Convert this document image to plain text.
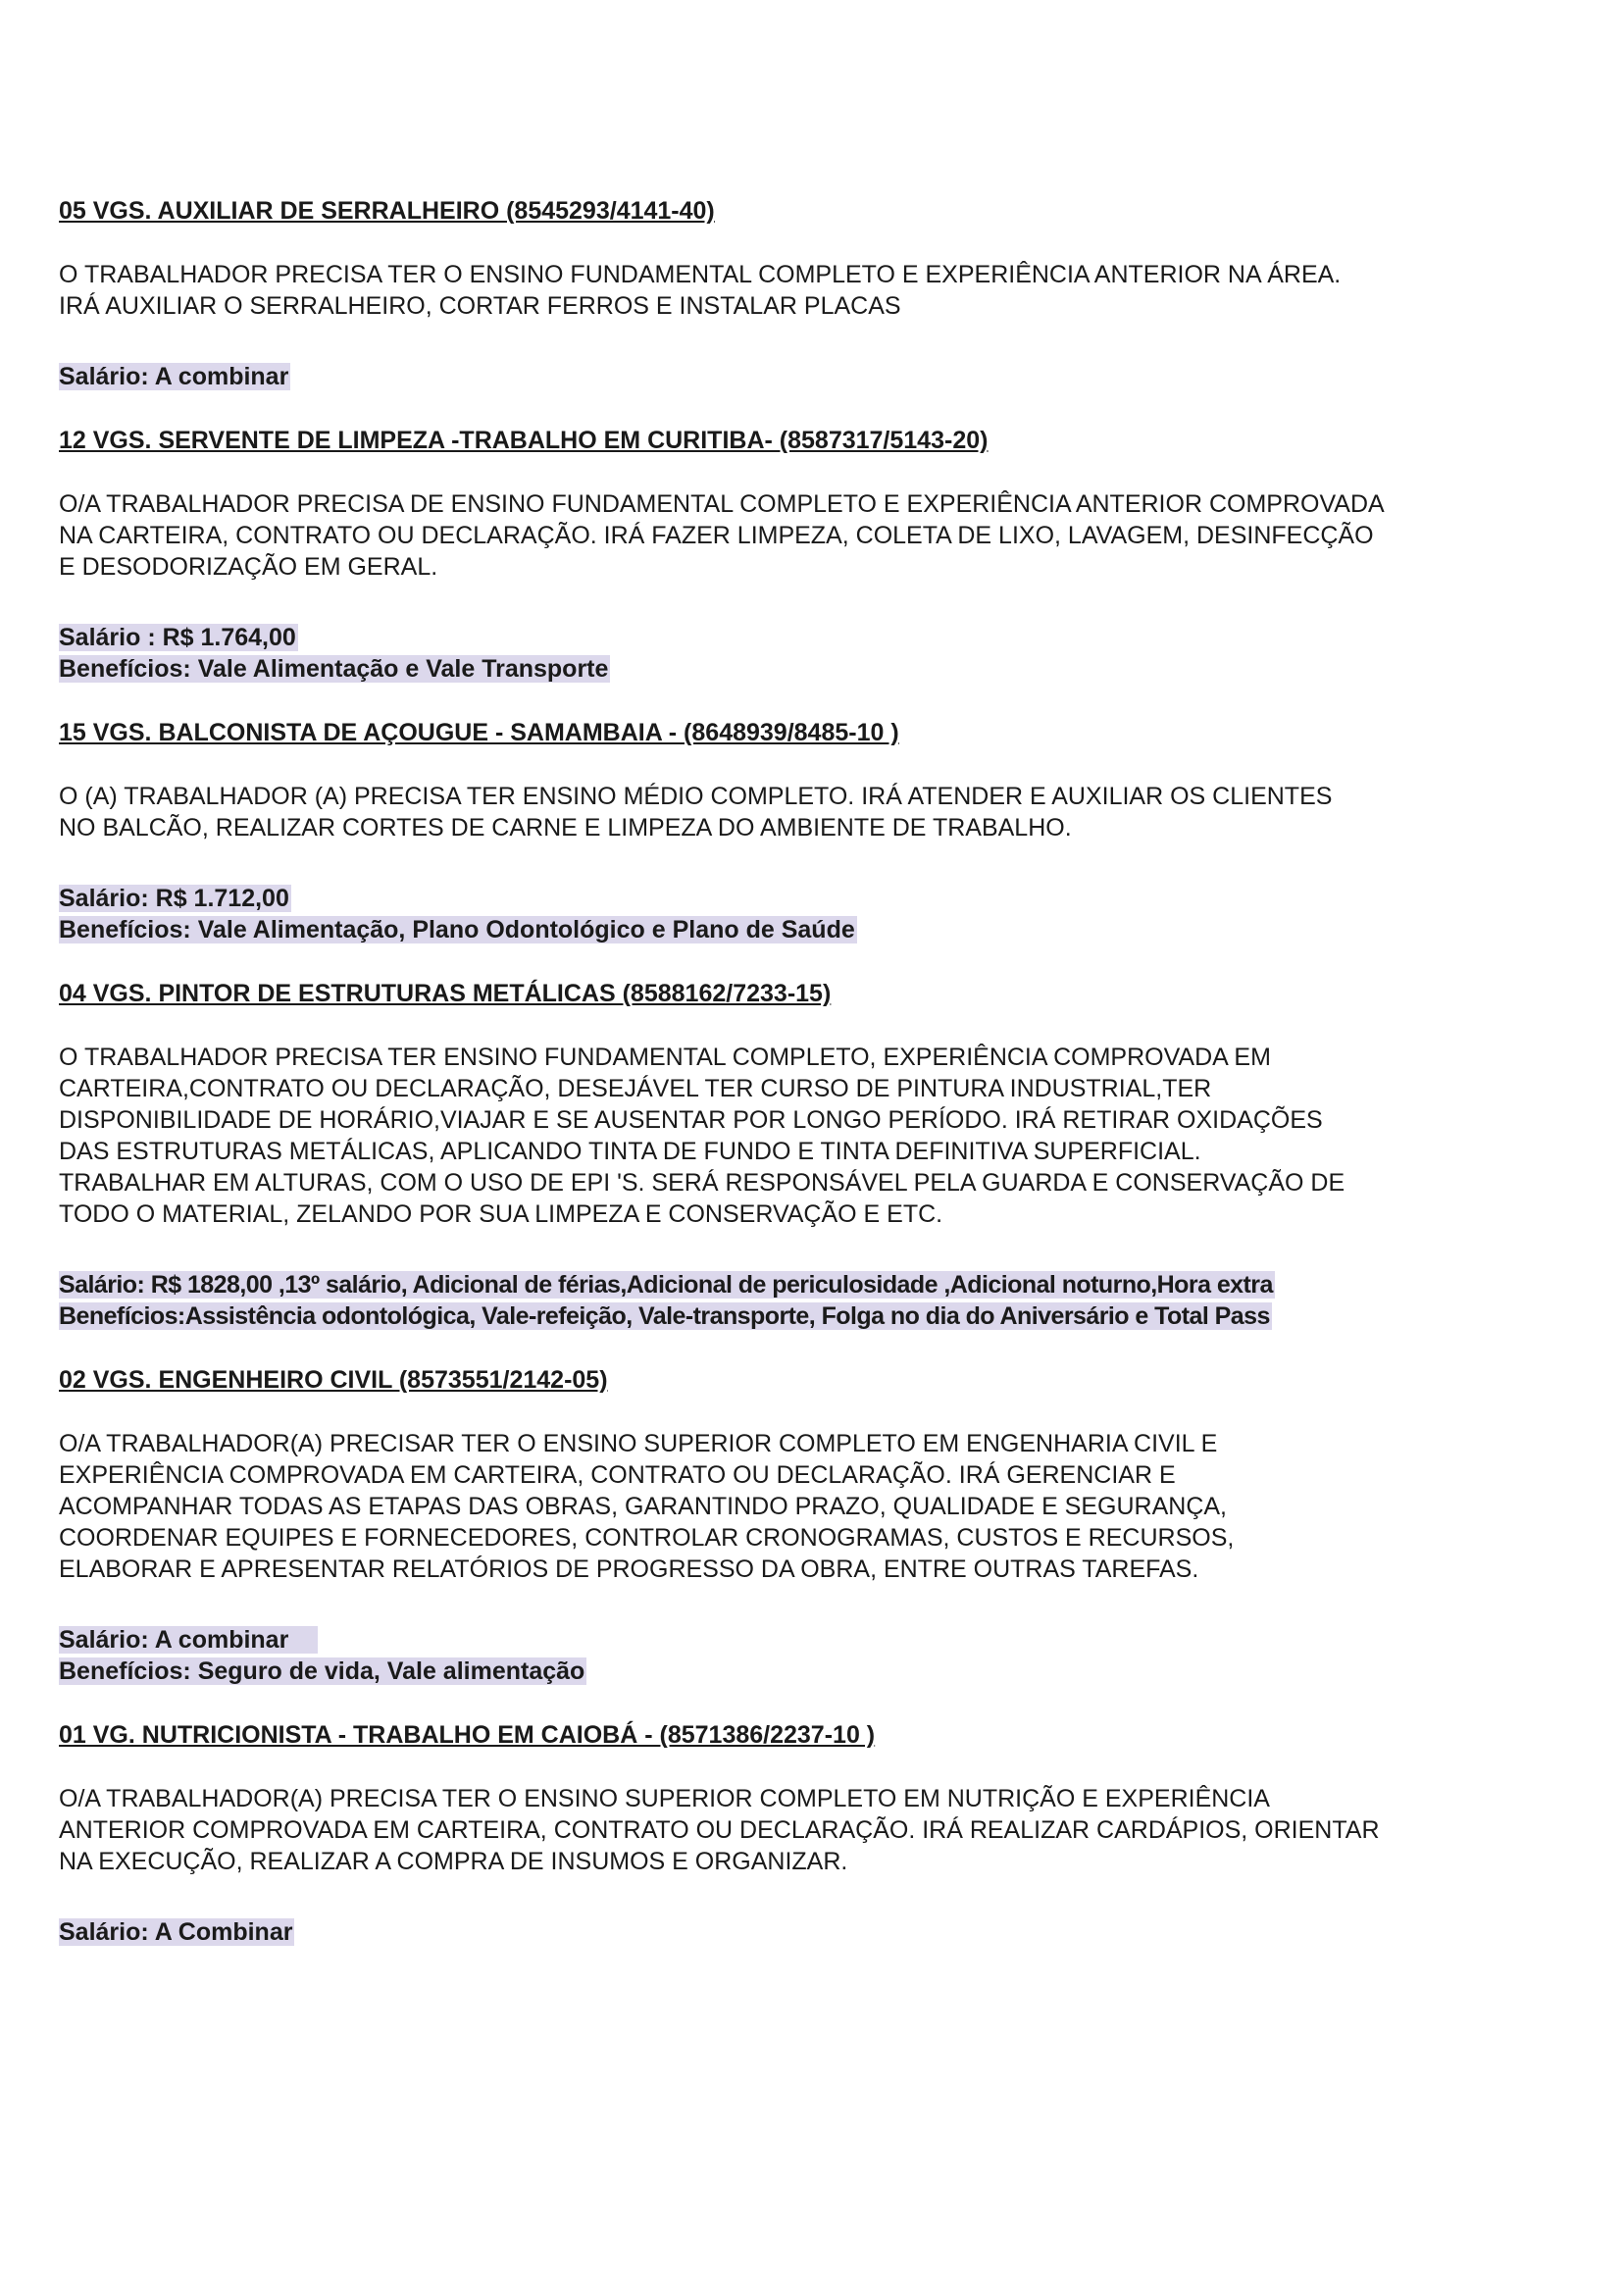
05 VGS. AUXILIAR DE SERRALHEIRO (8545293/4141-40)

O TRABALHADOR PRECISA TER O ENSINO FUNDAMENTAL COMPLETO E EXPERIÊNCIA ANTERIOR NA ÁREA.
IRÁ AUXILIAR O SERRALHEIRO, CORTAR FERROS E INSTALAR PLACAS

Salário: A combinar

12 VGS. SERVENTE DE LIMPEZA -TRABALHO EM CURITIBA- (8587317/5143-20)

O/A TRABALHADOR PRECISA DE ENSINO FUNDAMENTAL COMPLETO E EXPERIÊNCIA ANTERIOR COMPROVADA
NA CARTEIRA, CONTRATO OU DECLARAÇÃO. IRÁ FAZER LIMPEZA, COLETA DE LIXO, LAVAGEM, DESINFECÇÃO
E DESODORIZAÇÃO EM GERAL.

Salário : R$ 1.764,00

Benefícios: Vale Alimentação e Vale Transporte

15 VGS. BALCONISTA DE AÇOUGUE - SAMAMBAIA - (8648939/8485-10 )

O (A) TRABALHADOR (A) PRECISA TER ENSINO MÉDIO COMPLETO. IRÁ ATENDER E AUXILIAR OS CLIENTES
NO BALCÃO, REALIZAR CORTES DE CARNE E LIMPEZA DO AMBIENTE DE TRABALHO.

Salário: R$ 1.712,00

Benefícios: Vale Alimentação, Plano Odontológico e Plano de Saúde

04 VGS. PINTOR DE ESTRUTURAS METÁLICAS (8588162/7233-15)

O TRABALHADOR PRECISA TER ENSINO FUNDAMENTAL COMPLETO, EXPERIÊNCIA COMPROVADA EM
CARTEIRA,CONTRATO OU DECLARAÇÃO, DESEJÁVEL TER CURSO DE PINTURA INDUSTRIAL,TER
DISPONIBILIDADE DE HORÁRIO,VIAJAR E SE AUSENTAR POR LONGO PERÍODO. IRÁ RETIRAR OXIDAÇÕES
DAS ESTRUTURAS METÁLICAS, APLICANDO TINTA DE FUNDO E TINTA DEFINITIVA SUPERFICIAL.
TRABALHAR EM ALTURAS, COM O USO DE EPI 'S. SERÁ RESPONSÁVEL PELA GUARDA E CONSERVAÇÃO DE
TODO O MATERIAL, ZELANDO POR SUA LIMPEZA E CONSERVAÇÃO E ETC.

Salário: R$ 1828,00 ,13º salário, Adicional de férias,Adicional de periculosidade ,Adicional noturno,Hora extra

Benefícios:Assistência odontológica, Vale-refeição, Vale-transporte, Folga no dia do Aniversário e Total Pass

02 VGS. ENGENHEIRO CIVIL (8573551/2142-05)

O/A TRABALHADOR(A) PRECISAR TER O ENSINO SUPERIOR COMPLETO EM ENGENHARIA CIVIL E
EXPERIÊNCIA COMPROVADA EM CARTEIRA, CONTRATO OU DECLARAÇÃO. IRÁ GERENCIAR E
ACOMPANHAR TODAS AS ETAPAS DAS OBRAS, GARANTINDO PRAZO, QUALIDADE E SEGURANÇA,
COORDENAR EQUIPES E FORNECEDORES, CONTROLAR CRONOGRAMAS, CUSTOS E RECURSOS,
ELABORAR E APRESENTAR RELATÓRIOS DE PROGRESSO DA OBRA, ENTRE OUTRAS TAREFAS.

Salário: A combinar

Benefícios: Seguro de vida, Vale alimentação

01 VG. NUTRICIONISTA - TRABALHO EM CAIOBÁ - (8571386/2237-10 )

O/A TRABALHADOR(A) PRECISA TER O ENSINO SUPERIOR COMPLETO EM NUTRIÇÃO E EXPERIÊNCIA
ANTERIOR COMPROVADA EM CARTEIRA, CONTRATO OU DECLARAÇÃO. IRÁ REALIZAR CARDÁPIOS, ORIENTAR
NA EXECUÇÃO, REALIZAR A COMPRA DE INSUMOS E ORGANIZAR.

Salário: A Combinar
